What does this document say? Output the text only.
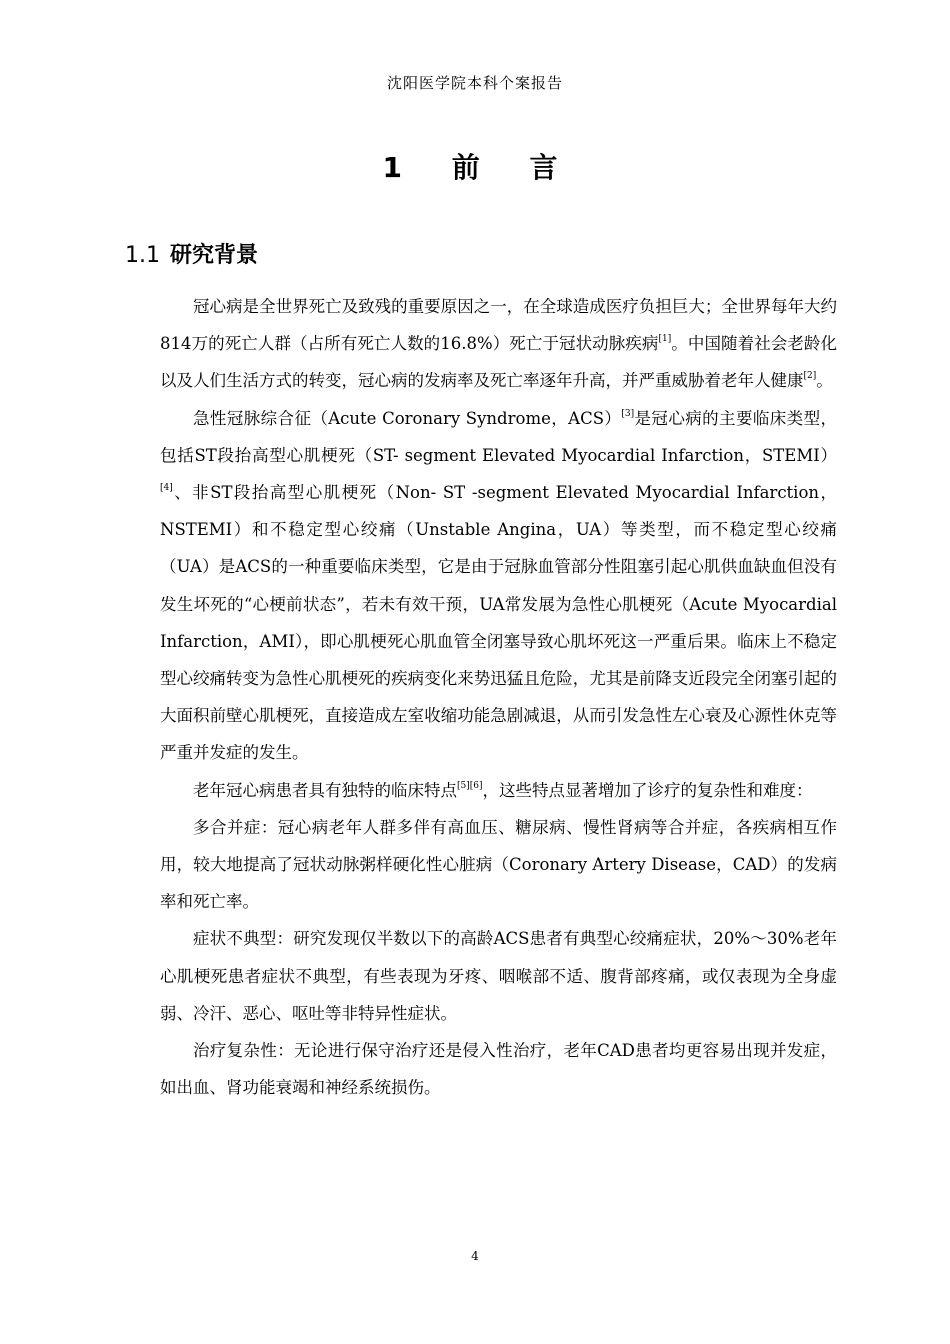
沈阳医学院本科个案报告
1 前 言
1.1 研究背景

冠心病是全世界死亡及致残的重要原因之一，在全球造成医疗负担巨大；全世界每年大约814万的死亡人群（占所有死亡人数的16.8%）死亡于冠状动脉疾病[1]。中国随着社会老龄化以及人们生活方式的转变，冠心病的发病率及死亡率逐年升高，并严重威胁着老年人健康[2]。

急性冠脉综合征（Acute Coronary Syndrome，ACS）[3]是冠心病的主要临床类型，包括ST段抬高型心肌梗死（ST- segment Elevated Myocardial Infarction，STEMI）[4]、非ST段抬高型心肌梗死（Non- ST -segment Elevated Myocardial Infarction，NSTEMI）和不稳定型心绞痛（Unstable Angina，UA）等类型，而不稳定型心绞痛（UA）是ACS的一种重要临床类型，它是由于冠脉血管部分性阻塞引起心肌供血缺血但没有发生坏死的“心梗前状态”，若未有效干预，UA常发展为急性心肌梗死（Acute Myocardial Infarction，AMI），即心肌梗死心肌血管全闭塞导致心肌坏死这一严重后果。临床上不稳定型心绞痛转变为急性心肌梗死的疾病变化来势迅猛且危险，尤其是前降支近段完全闭塞引起的大面积前壁心肌梗死，直接造成左室收缩功能急剧减退，从而引发急性左心衰及心源性休克等严重并发症的发生。

老年冠心病患者具有独特的临床特点[5][6]，这些特点显著增加了诊疗的复杂性和难度：

多合并症：冠心病老年人群多伴有高血压、糖尿病、慢性肾病等合并症，各疾病相互作用，较大地提高了冠状动脉粥样硬化性心脏病（Coronary Artery Disease，CAD）的发病率和死亡率。

症状不典型：研究发现仅半数以下的高龄ACS患者有典型心绞痛症状，20%～30%老年心肌梗死患者症状不典型，有些表现为牙疼、咽喉部不适、腹背部疼痛，或仅表现为全身虚弱、冷汗、恶心、呕吐等非特异性症状。

治疗复杂性：无论进行保守治疗还是侵入性治疗，老年CAD患者均更容易出现并发症，如出血、肾功能衰竭和神经系统损伤。

4
